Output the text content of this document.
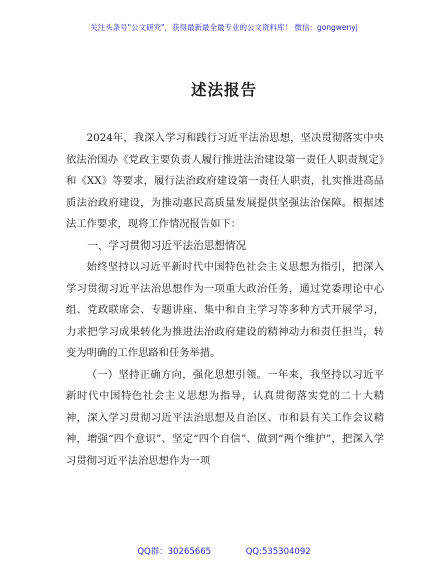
关注头条号"公文研究"，获得最新最全最专业的公文资料库！ 微信：gongwenyj
述法报告

2024年，我深入学习和践行习近平法治思想，坚决贯彻落实中央依法治国办《党政主要负责人履行推进法治建设第一责任人职责规定》和《XX》等要求，履行法治政府建设第一责任人职责，扎实推进高品质法治政府建设，为推动惠民高质量发展提供坚强法治保障。根据述法工作要求，现将工作情况报告如下：

一、学习贯彻习近平法治思想情况

始终坚持以习近平新时代中国特色社会主义思想为指引，把深入学习贯彻习近平法治思想作为一项重大政治任务，通过党委理论中心组、党政联席会、专题讲座、集中和自主学习等多种方式开展学习，力求把学习成果转化为推进法治政府建设的精神动力和责任担当，转变为明确的工作思路和任务举措。

（一）坚持正确方向，强化思想引领。一年来，我坚持以习近平新时代中国特色社会主义思想为指导，认真贯彻落实党的二十大精神，深入学习贯彻习近平法治思想及自治区、市和县有关工作会议精神，增强“四个意识”、坚定“四个自信”、做到“两个维护”，把深入学习贯彻习近平法治思想作为一项

QQ群：30265665	QQ:535304092
